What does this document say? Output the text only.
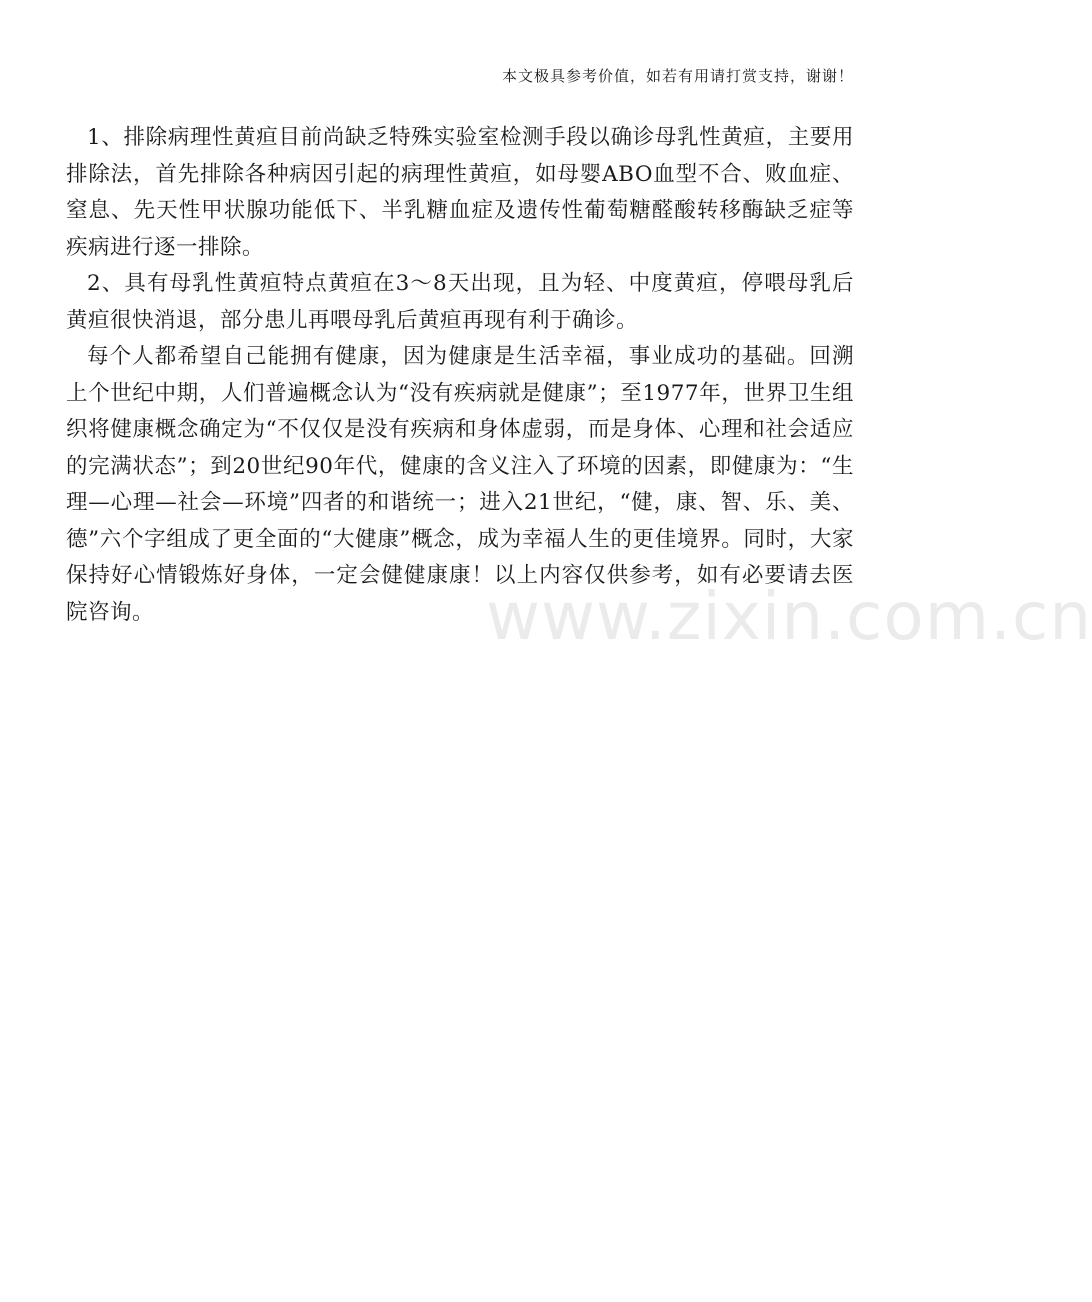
本文极具参考价值，如若有用请打赏支持，谢谢！

1、排除病理性黄疸目前尚缺乏特殊实验室检测手段以确诊母乳性黄疸，主要用排除法，首先排除各种病因引起的病理性黄疸，如母婴ABO血型不合、败血症、窒息、先天性甲状腺功能低下、半乳糖血症及遗传性葡萄糖醛酸转移酶缺乏症等疾病进行逐一排除。

2、具有母乳性黄疸特点黄疸在3～8天出现，且为轻、中度黄疸，停喂母乳后黄疸很快消退，部分患儿再喂母乳后黄疸再现有利于确诊。

每个人都希望自己能拥有健康，因为健康是生活幸福，事业成功的基础。回溯上个世纪中期，人们普遍概念认为“没有疾病就是健康”；至1977年，世界卫生组织将健康概念确定为“不仅仅是没有疾病和身体虚弱，而是身体、心理和社会适应的完满状态”；到20世纪90年代，健康的含义注入了环境的因素，即健康为：“生理—心理—社会—环境”四者的和谐统一；进入21世纪，“健，康、智、乐、美、德”六个字组成了更全面的“大健康”概念，成为幸福人生的更佳境界。同时，大家保持好心情锻炼好身体，一定会健健康康！以上内容仅供参考，如有必要请去医院咨询。	www.zixin.com.cn
